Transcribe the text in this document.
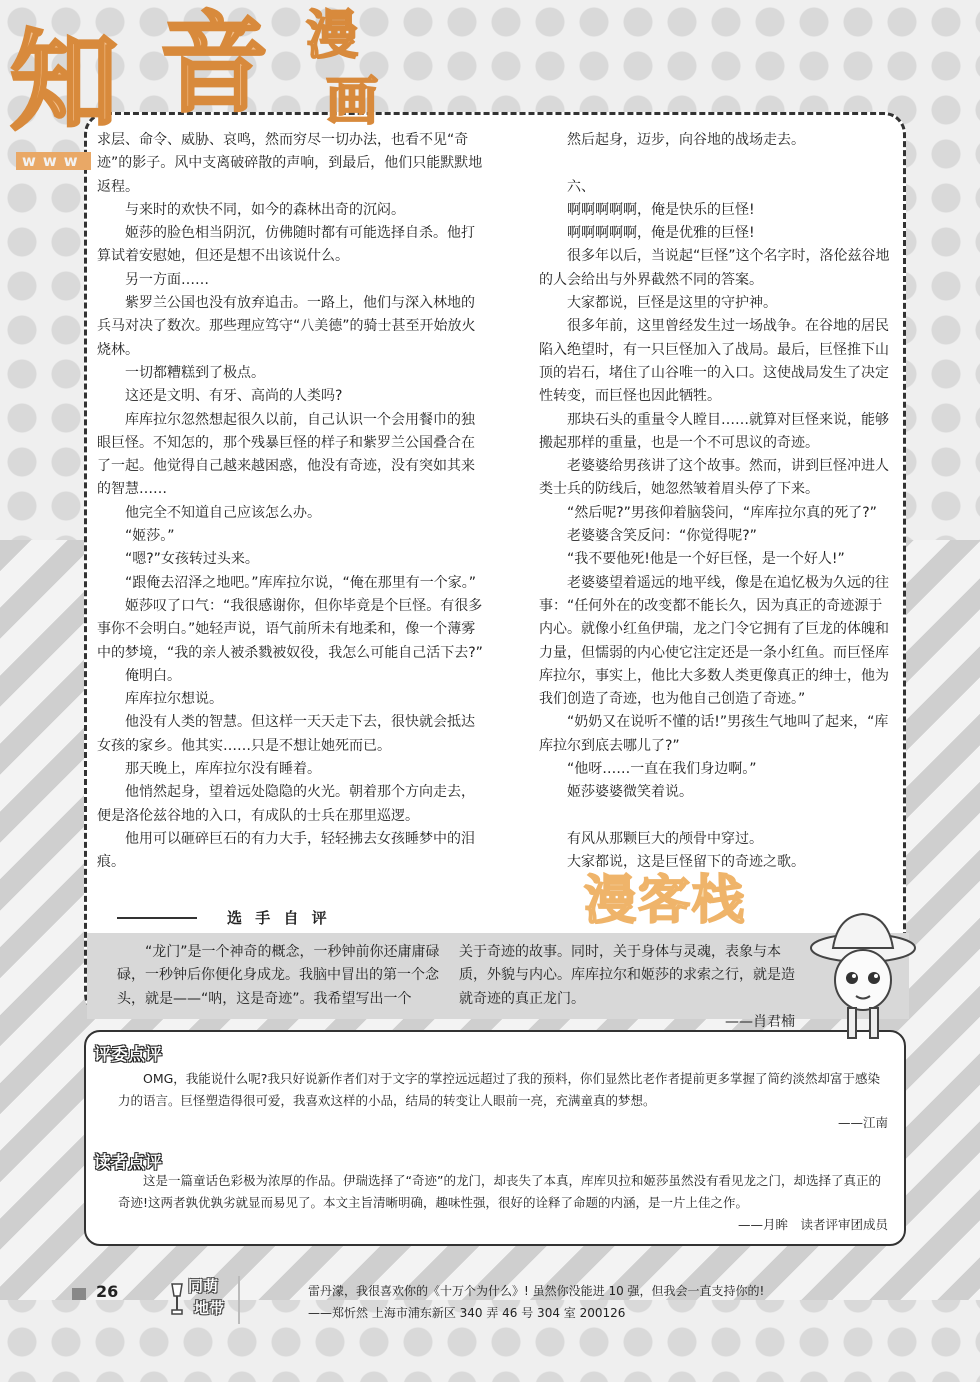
知 音 漫
画
www

求层、命令、威胁、哀鸣，然而穷尽一切办法，也看不见“奇迹”的影子。风中支离破碎散的声响，到最后，他们只能默默地返程。

与来时的欢快不同，如今的森林出奇的沉闷。

姬莎的脸色相当阴沉，仿佛随时都有可能选择自杀。他打算试着安慰她，但还是想不出该说什么。

另一方面……

紫罗兰公国也没有放弃追击。一路上，他们与深入林地的兵马对决了数次。那些理应笃守“八美德”的骑士甚至开始放火烧林。

一切都糟糕到了极点。

这还是文明、有牙、高尚的人类吗?

库库拉尔忽然想起很久以前，自己认识一个会用餐巾的独眼巨怪。不知怎的，那个残暴巨怪的样子和紫罗兰公国叠合在了一起。他觉得自己越来越困惑，他没有奇迹，没有突如其来的智慧……

他完全不知道自己应该怎么办。

“姬莎。”

“嗯?”女孩转过头来。

“跟俺去沼泽之地吧。”库库拉尔说，“俺在那里有一个家。”

姬莎叹了口气：“我很感谢你，但你毕竟是个巨怪。有很多事你不会明白。”她轻声说，语气前所未有地柔和，像一个薄雾中的梦境，“我的亲人被杀戮被奴役，我怎么可能自己活下去?”

俺明白。

库库拉尔想说。

他没有人类的智慧。但这样一天天走下去，很快就会抵达女孩的家乡。他其实……只是不想让她死而已。

那天晚上，库库拉尔没有睡着。

他悄然起身，望着远处隐隐的火光。朝着那个方向走去，便是洛伦兹谷地的入口，有成队的士兵在那里巡逻。

他用可以砸碎巨石的有力大手，轻轻拂去女孩睡梦中的泪痕。

然后起身，迈步，向谷地的战场走去。

六、

啊啊啊啊啊，俺是快乐的巨怪!

啊啊啊啊啊，俺是优雅的巨怪!

很多年以后，当说起“巨怪”这个名字时，洛伦兹谷地的人会给出与外界截然不同的答案。

大家都说，巨怪是这里的守护神。

很多年前，这里曾经发生过一场战争。在谷地的居民陷入绝望时，有一只巨怪加入了战局。最后，巨怪推下山顶的岩石，堵住了山谷唯一的入口。这使战局发生了决定性转变，而巨怪也因此牺牲。

那块石头的重量令人瞠目……就算对巨怪来说，能够搬起那样的重量，也是一个不可思议的奇迹。

老婆婆给男孩讲了这个故事。然而，讲到巨怪冲进人类士兵的防线后，她忽然皱着眉头停了下来。

“然后呢?”男孩仰着脑袋问，“库库拉尔真的死了?”

老婆婆含笑反问：“你觉得呢?”

“我不要他死!他是一个好巨怪，是一个好人!”

老婆婆望着遥远的地平线，像是在追忆极为久远的往事：“任何外在的改变都不能长久，因为真正的奇迹源于内心。就像小红鱼伊瑞，龙之门令它拥有了巨龙的体魄和力量，但懦弱的内心使它注定还是一条小红鱼。而巨怪库库拉尔，事实上，他比大多数人类更像真正的绅士，他为我们创造了奇迹，也为他自己创造了奇迹。”

“奶奶又在说听不懂的话!”男孩生气地叫了起来，“库库拉尔到底去哪儿了?”

“他呀……一直在我们身边啊。”

姬莎婆婆微笑着说。

有风从那颗巨大的颅骨中穿过。

大家都说，这是巨怪留下的奇迹之歌。

选 手 自 评

“龙门”是一个神奇的概念，一秒钟前你还庸庸碌碌，一秒钟后你便化身成龙。我脑中冒出的第一个念头，就是——“呐，这是奇迹”。我希望写出一个

关于奇迹的故事。同时，关于身体与灵魂，表象与本质，外貌与内心。库库拉尔和姬莎的求索之行，就是造就奇迹的真正龙门。

——肖君楠

漫客栈
评委点评

OMG，我能说什么呢?我只好说新作者们对于文字的掌控远远超过了我的预料，你们显然比老作者提前更多掌握了简约淡然却富于感染力的语言。巨怪塑造得很可爱，我喜欢这样的小品，结局的转变让人眼前一亮，充满童真的梦想。

——江南

读者点评

这是一篇童话色彩极为浓厚的作品。伊瑞选择了“奇迹”的龙门，却丧失了本真，库库贝拉和姬莎虽然没有看见龙之门，却选择了真正的奇迹!这两者孰优孰劣就显而易见了。本文主旨清晰明确，趣味性强，很好的诠释了命题的内涵，是一片上佳之作。

——月眸　读者评审团成员

26	同萌
地带

雷丹濛，我很喜欢你的《十万个为什么》! 虽然你没能进 10 强，但我会一直支持你的!

——郑忻然 上海市浦东新区 340 弄 46 号 304 室 200126
